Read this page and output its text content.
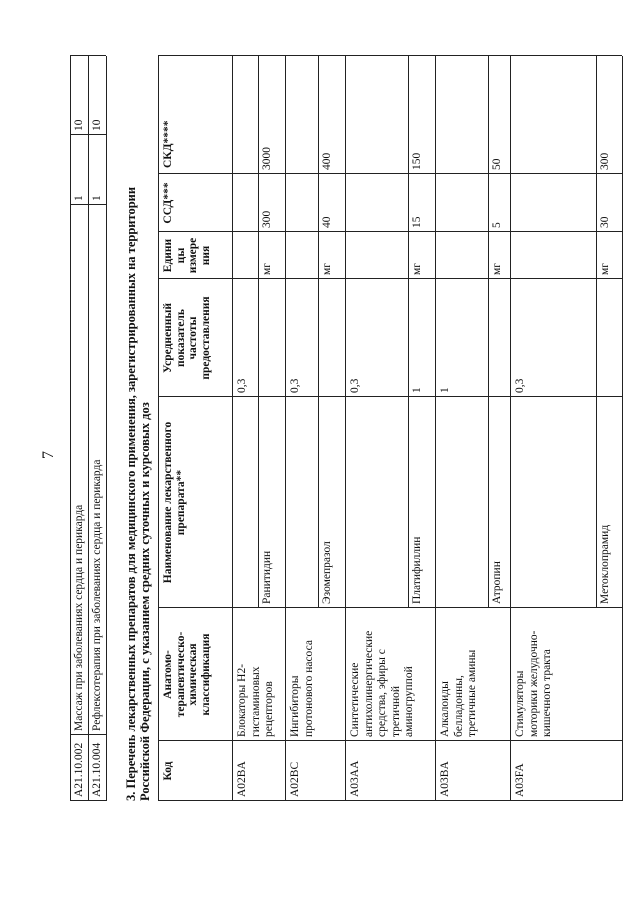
7
A21.10.002
Массаж при заболеваниях сердца и перикарда
1
10
A21.10.004
Рефлексотерапия при заболеваниях сердца и перикарда
1
10
3. Перечень лекарственных препаратов для медицинского применения, зарегистрированных на территории
Российской Федерации, с указанием средних суточных и курсовых доз
Код
Анатомо-
терапевтическо-
химическая
классификация
Наименование лекарственного
препарата**
Усредненный
показатель
частоты
предоставления
Едини
цы
измере
ния
ССД***
СКД****
A02BA
Блокаторы Н2-
гистаминовых
рецепторов
0,3
Ранитидин
мг
300
3000
A02BC
Ингибиторы
протонового насоса
0,3
Эзомепразол
мг
40
400
A03AA
Синтетические
антихолинергические
средства, эфиры с
третичной
аминогруппой
0,3
Платифиллин
1
мг
15
150
A03BA
Алкалоиды
белладонны,
третичные амины
1
Атропин
мг
5
50
A03FA
Стимуляторы
моторики желудочно-
кишечного тракта
0,3
Метоклопрамид
мг
30
300
